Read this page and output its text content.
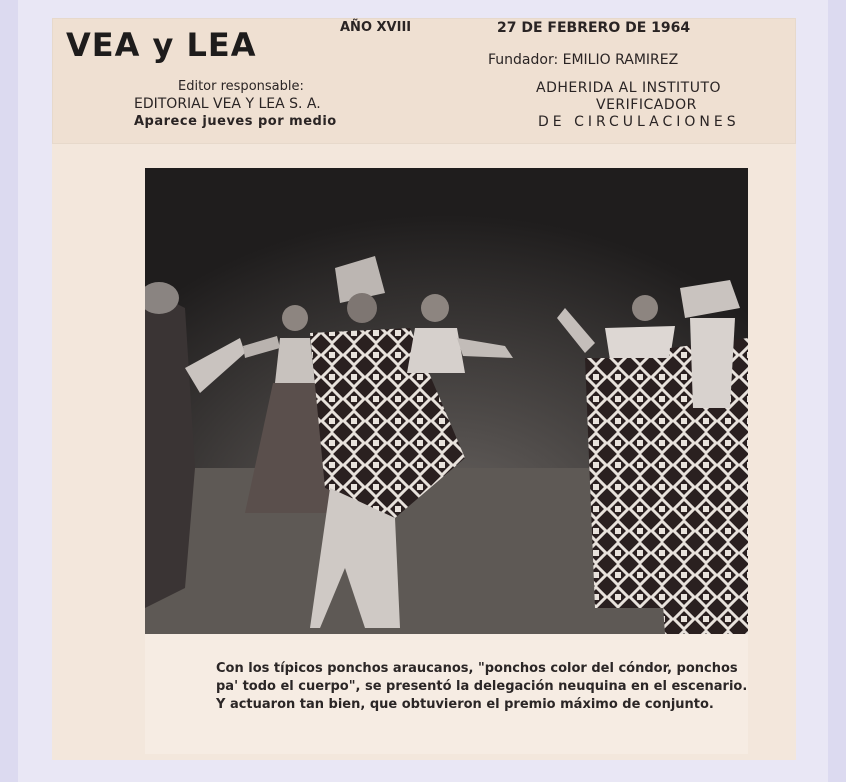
VEA y LEA	AÑO XVIII	27 DE FEBRERO DE 1964
Fundador: EMILIO RAMIREZ
Editor responsable:
EDITORIAL VEA Y LEA S. A.
Aparece jueves por medio
ADHERIDA AL INSTITUTO
VERIFICADOR
DE CIRCULACIONES
Con los típicos ponchos araucanos, "ponchos color del cóndor, ponchos pa' todo el cuerpo", se presentó la delegación neuquina en el escenario. Y actuaron tan bien, que obtuvieron el premio máximo de conjunto.
